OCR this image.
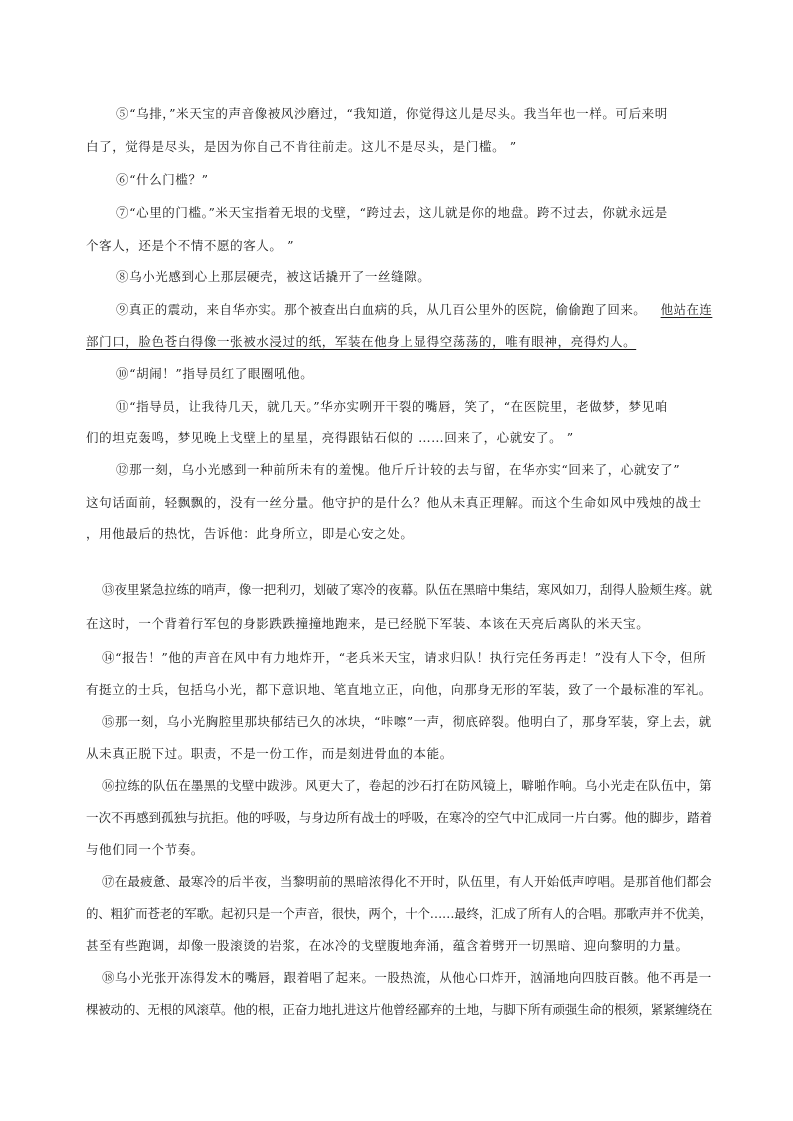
⑤“乌排，”米天宝的声音像被风沙磨过，“我知道，你觉得这儿是尽头。我当年也一样。可后来明
白了，觉得是尽头，是因为你自己不肯往前走。这儿不是尽头，是门槛。 ”
⑥“什么门槛？”
⑦“心里的门槛。”米天宝指着无垠的戈壁，“跨过去，这儿就是你的地盘。跨不过去，你就永远是
个客人，还是个不情不愿的客人。 ”
⑧乌小光感到心上那层硬壳，被这话撬开了一丝缝隙。
⑨真正的震动，来自华亦实。那个被查出白血病的兵，从几百公里外的医院，偷偷跑了回来。 他站在连
部门口，脸色苍白得像一张被水浸过的纸，军装在他身上显得空荡荡的，唯有眼神，亮得灼人。
⑩“胡闹！”指导员红了眼圈吼他。
⑪“指导员，让我待几天，就几天。”华亦实咧开干裂的嘴唇，笑了，“在医院里，老做梦，梦见咱
们的坦克轰鸣，梦见晚上戈壁上的星星，亮得跟钻石似的 ……回来了，心就安了。 ”
⑫那一刻，乌小光感到一种前所未有的羞愧。他斤斤计较的去与留，在华亦实“回来了，心就安了”
这句话面前，轻飘飘的，没有一丝分量。他守护的是什么？他从未真正理解。而这个生命如风中残烛的战士
，用他最后的热忱，告诉他：此身所立，即是心安之处。
⑬夜里紧急拉练的哨声，像一把利刃，划破了寒冷的夜幕。队伍在黑暗中集结，寒风如刀，刮得人脸颊生疼。就
在这时，一个背着行军包的身影跌跌撞撞地跑来，是已经脱下军装、本该在天亮后离队的米天宝。
⑭“报告！”他的声音在风中有力地炸开，“老兵米天宝，请求归队！执行完任务再走！”没有人下令，但所
有挺立的士兵，包括乌小光，都下意识地、笔直地立正，向他，向那身无形的军装，致了一个最标准的军礼。
⑮那一刻，乌小光胸腔里那块郁结已久的冰块，“咔嚓”一声，彻底碎裂。他明白了，那身军装，穿上去，就
从未真正脱下过。职责，不是一份工作，而是刻进骨血的本能。
⑯拉练的队伍在墨黑的戈壁中跋涉。风更大了，卷起的沙石打在防风镜上，噼啪作响。乌小光走在队伍中，第
一次不再感到孤独与抗拒。他的呼吸，与身边所有战士的呼吸，在寒冷的空气中汇成同一片白雾。他的脚步，踏着
与他们同一个节奏。
⑰在最疲惫、最寒冷的后半夜，当黎明前的黑暗浓得化不开时，队伍里，有人开始低声哼唱。是那首他们都会
的、粗犷而苍老的军歌。起初只是一个声音，很快，两个，十个……最终，汇成了所有人的合唱。那歌声并不优美，
甚至有些跑调，却像一股滚烫的岩浆，在冰冷的戈壁腹地奔涌，蕴含着劈开一切黑暗、迎向黎明的力量。
⑱乌小光张开冻得发木的嘴唇，跟着唱了起来。一股热流，从他心口炸开，汹涌地向四肢百骸。他不再是一
棵被动的、无根的风滚草。他的根，正奋力地扎进这片他曾经鄙弃的土地，与脚下所有顽强生命的根须，紧紧缠绕在
